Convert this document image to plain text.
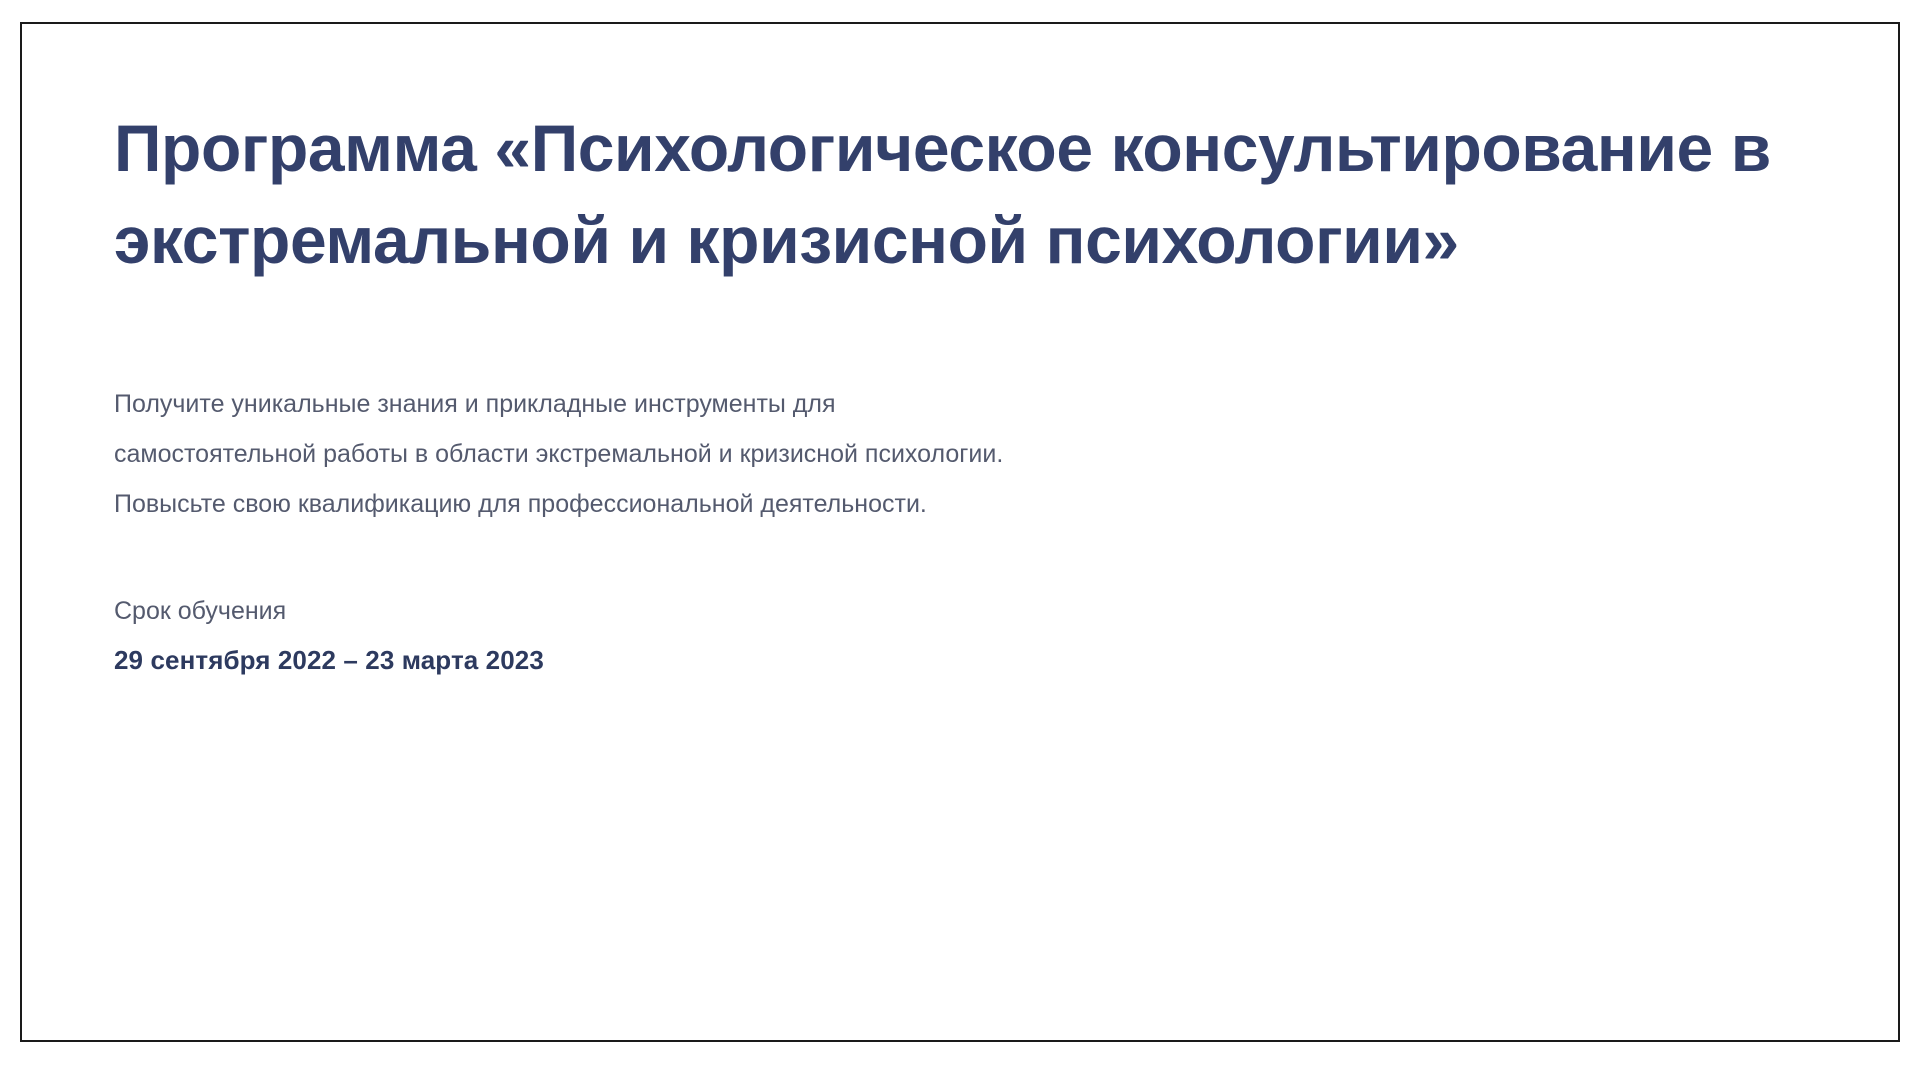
Программа «Психологическое консультирование в экстремальной и кризисной психологии»

Получите уникальные знания и прикладные инструменты для

самостоятельной работы в области экстремальной и кризисной психологии.

Повысьте свою квалификацию для профессиональной деятельности.

Срок обучения
29 сентября 2022 – 23 марта 2023
